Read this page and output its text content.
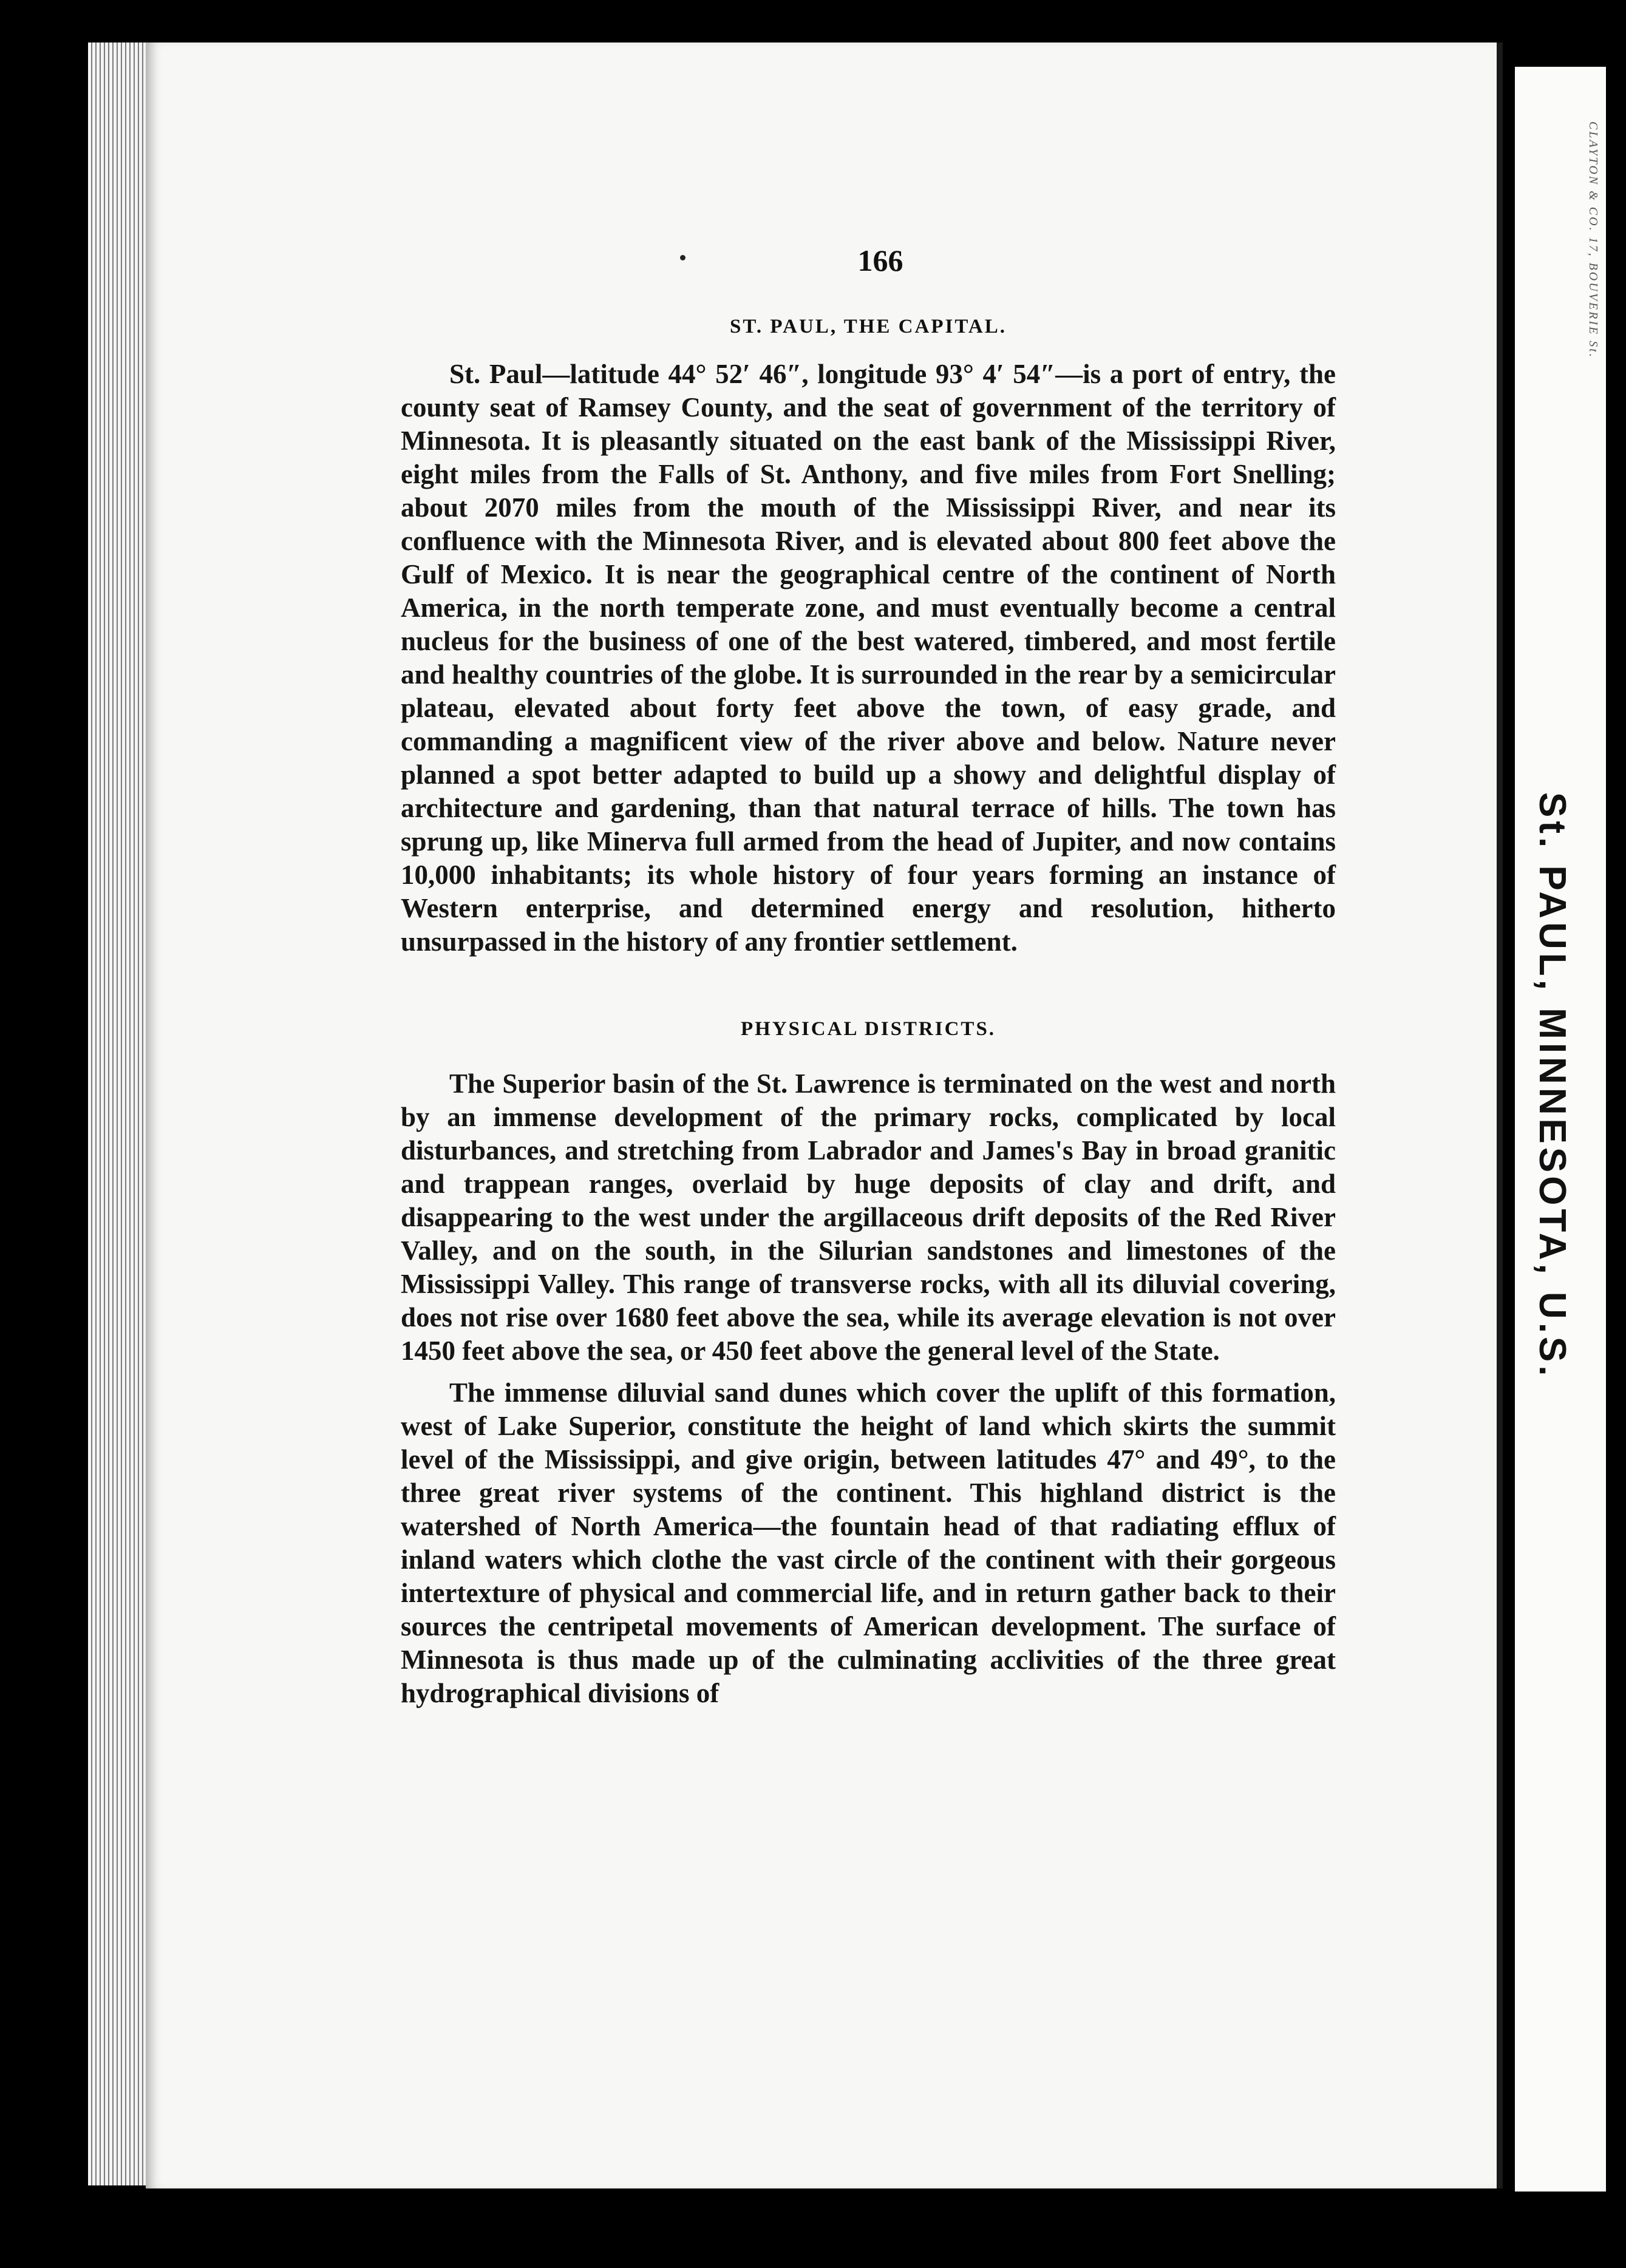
CLAYTON & CO. 17, BOUVERIE St.
St. PAUL, MINNESOTA, U.S.
166
ST. PAUL, THE CAPITAL.

St. Paul—latitude 44° 52′ 46″, longitude 93° 4′ 54″—is a port of entry, the county seat of Ramsey County, and the seat of government of the territory of Minnesota. It is pleasantly situated on the east bank of the Mississippi River, eight miles from the Falls of St. Anthony, and five miles from Fort Snelling; about 2070 miles from the mouth of the Mississippi River, and near its confluence with the Minnesota River, and is elevated about 800 feet above the Gulf of Mexico. It is near the geographical centre of the continent of North America, in the north temperate zone, and must eventually become a central nucleus for the business of one of the best watered, timbered, and most fertile and healthy countries of the globe. It is surrounded in the rear by a semicircular plateau, elevated about forty feet above the town, of easy grade, and commanding a magnificent view of the river above and below. Nature never planned a spot better adapted to build up a showy and delightful display of architecture and gardening, than that natural terrace of hills. The town has sprung up, like Minerva full armed from the head of Jupiter, and now contains 10,000 inhabitants; its whole history of four years forming an instance of Western enterprise, and determined energy and resolution, hitherto unsurpassed in the history of any frontier settlement.

PHYSICAL DISTRICTS.

The Superior basin of the St. Lawrence is terminated on the west and north by an immense development of the primary rocks, complicated by local disturbances, and stretching from Labrador and James's Bay in broad granitic and trappean ranges, overlaid by huge deposits of clay and drift, and disappearing to the west under the argillaceous drift deposits of the Red River Valley, and on the south, in the Silurian sandstones and limestones of the Mississippi Valley. This range of transverse rocks, with all its diluvial covering, does not rise over 1680 feet above the sea, while its average elevation is not over 1450 feet above the sea, or 450 feet above the general level of the State.

The immense diluvial sand dunes which cover the uplift of this formation, west of Lake Superior, constitute the height of land which skirts the summit level of the Mississippi, and give origin, between latitudes 47° and 49°, to the three great river systems of the continent. This highland district is the watershed of North America—the fountain head of that radiating efflux of inland waters which clothe the vast circle of the continent with their gorgeous intertexture of physical and commercial life, and in return gather back to their sources the centripetal movements of American development. The surface of Minnesota is thus made up of the culminating acclivities of the three great hydrographical divisions of
